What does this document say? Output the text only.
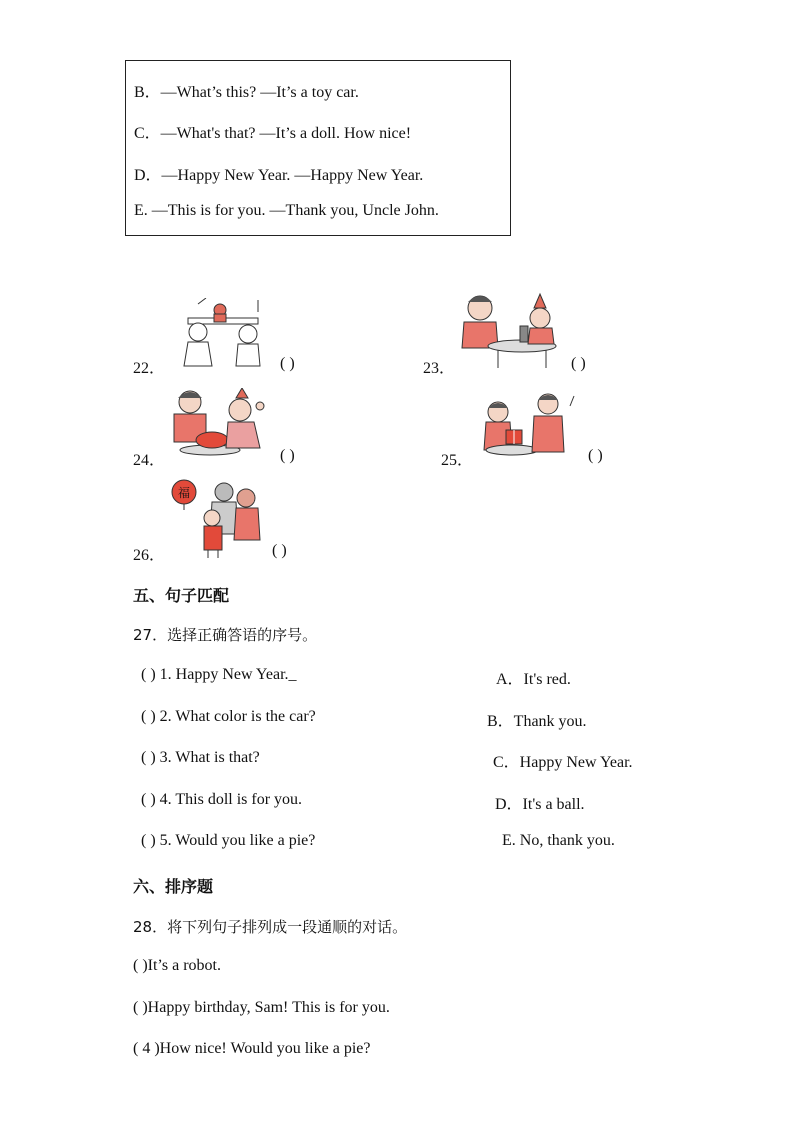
B．—What’s this? —It’s a toy car.
C．—What's that? —It’s a doll. How nice!
D．—Happy New Year. —Happy New Year.
E. —This is for you. —Thank you, Uncle John.
22．	( )	23．	( )
24．	( )	25．	( )
26．
福
( )
五、句子匹配
27．选择正确答语的序号。
( ) 1. Happy New Year._	A．It's red.
( ) 2. What color is the car?	B．Thank you.
( ) 3. What is that?	C．Happy New Year.
( ) 4. This doll is for you.	D．It's a ball.
( ) 5. Would you like a pie?	E. No, thank you.
六、排序题
28．将下列句子排列成一段通顺的对话。
( )It’s a robot.
( )Happy birthday, Sam! This is for you.
( 4 )How nice! Would you like a pie?
